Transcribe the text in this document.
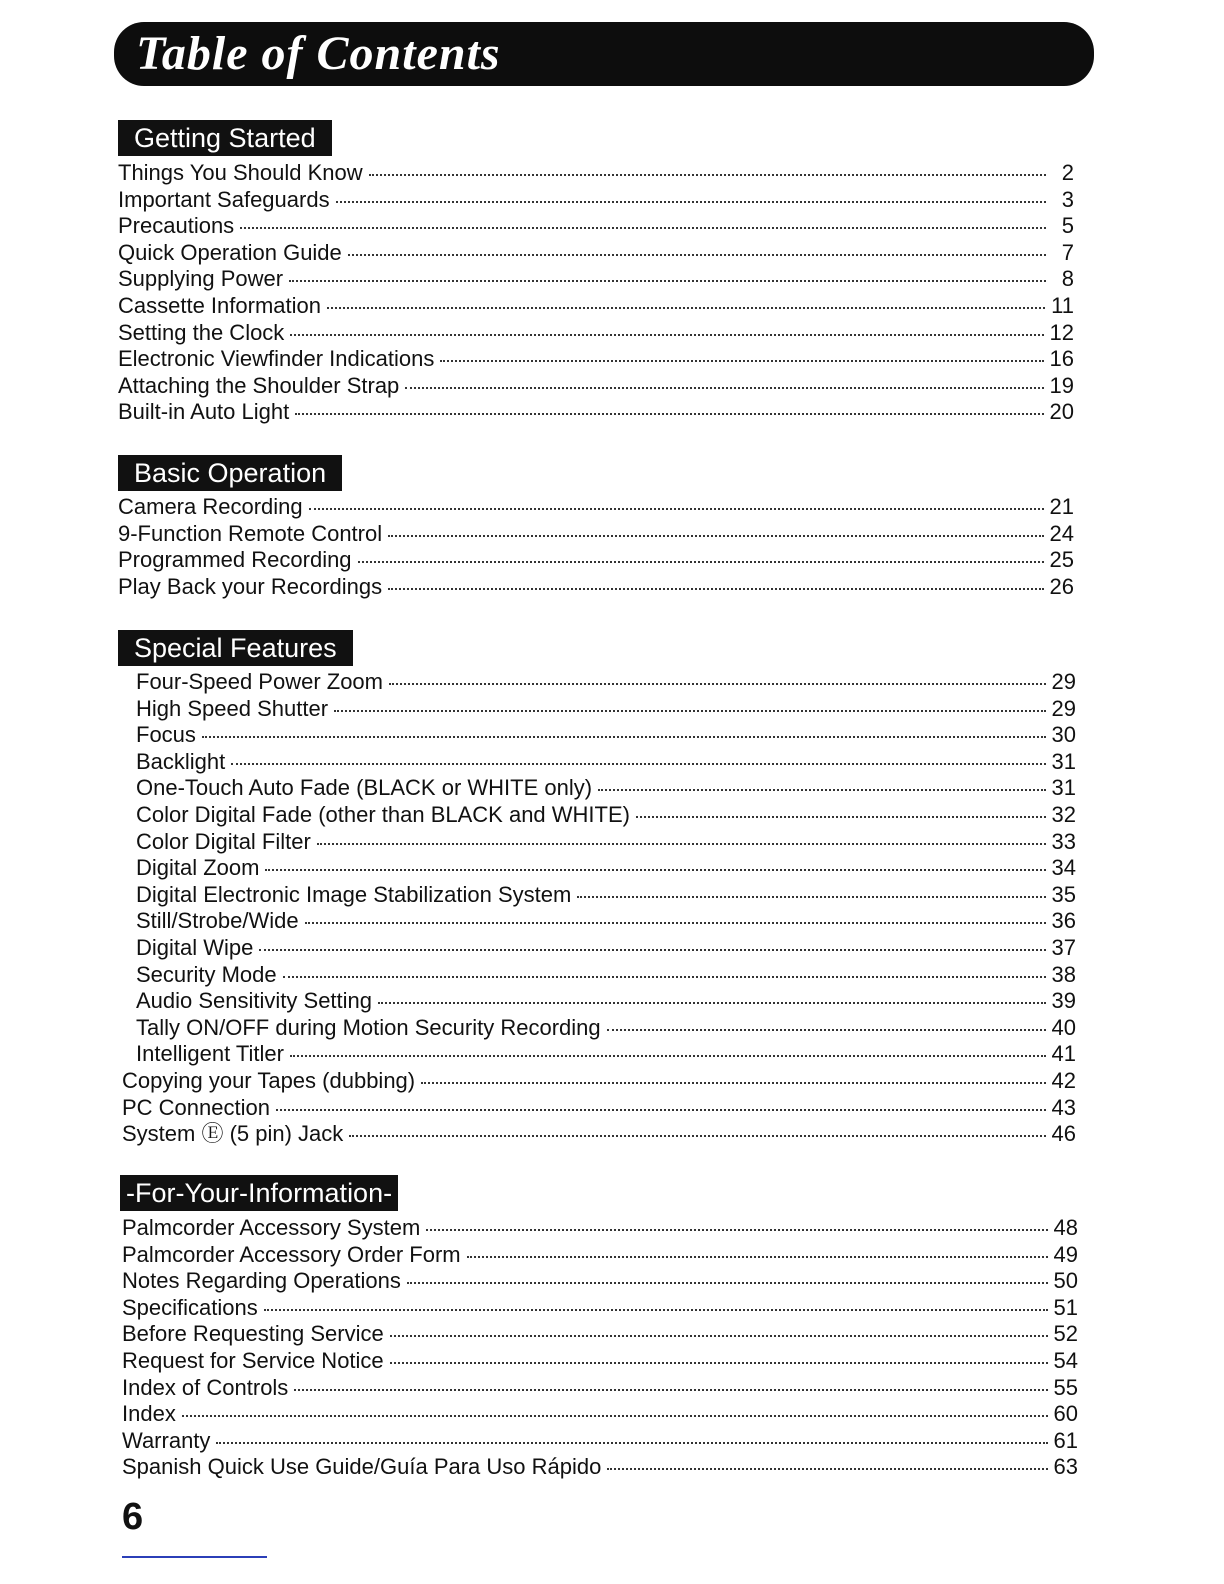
Table of Contents
Getting Started
Things You Should Know	2
Important Safeguards	3
Precautions	5
Quick Operation Guide	7
Supplying Power	8
Cassette Information	11
Setting the Clock	12
Electronic Viewfinder Indications	16
Attaching the Shoulder Strap	19
Built-in Auto Light	20
Basic Operation
Camera Recording	21
9-Function Remote Control	24
Programmed Recording	25
Play Back your Recordings	26
Special Features
Four-Speed Power Zoom	29
High Speed Shutter	29
Focus	30
Backlight	31
One-Touch Auto Fade (BLACK or WHITE only)	31
Color Digital Fade (other than BLACK and WHITE)	32
Color Digital Filter	33
Digital Zoom	34
Digital Electronic Image Stabilization System	35
Still/Strobe/Wide	36
Digital Wipe	37
Security Mode	38
Audio Sensitivity Setting	39
Tally ON/OFF during Motion Security Recording	40
Intelligent Titler	41
Copying your Tapes (dubbing)	42
PC Connection	43
System Ⓔ (5 pin) Jack	46
-For-Your-Information-
Palmcorder Accessory System	48
Palmcorder Accessory Order Form	49
Notes Regarding Operations	50
Specifications	51
Before Requesting Service	52
Request for Service Notice	54
Index of Controls	55
Index	60
Warranty	61
Spanish Quick Use Guide/Guía Para Uso Rápido	63
6
